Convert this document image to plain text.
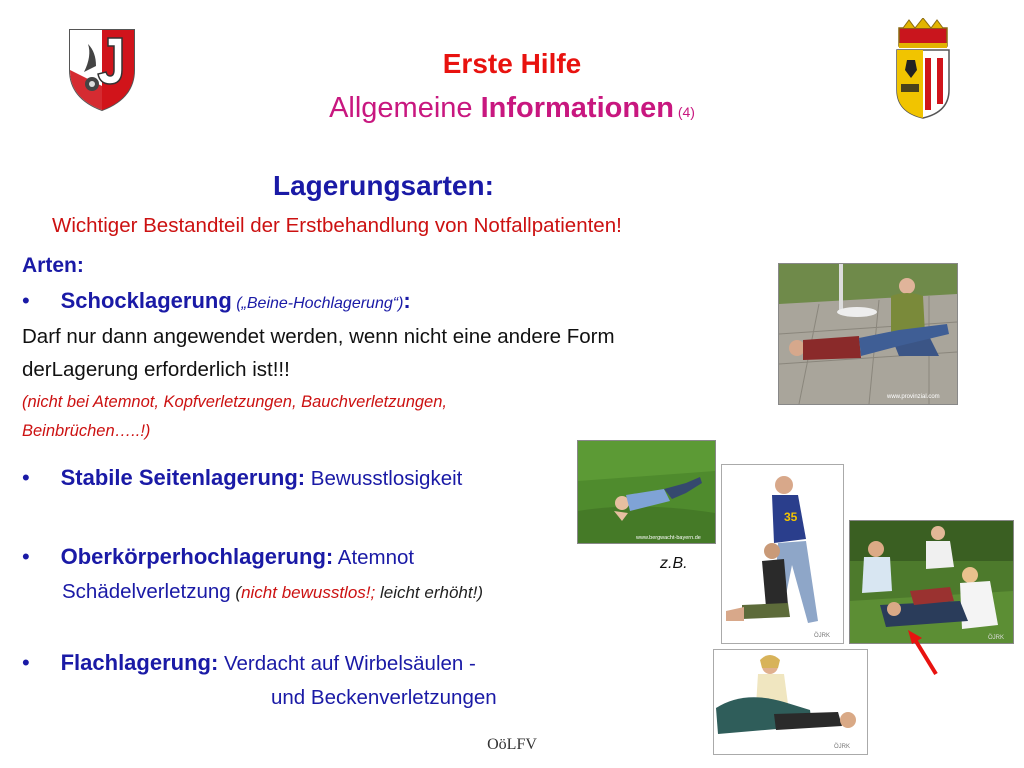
Erste Hilfe
Allgemeine Informationen (4)
Lagerungsarten:
Wichtiger Bestandteil der Erstbehandlung von Notfallpatienten!
Arten:
• Schocklagerung („Beine-Hochlagerung“):
Darf nur dann angewendet werden, wenn nicht eine andere Form
derLagerung erforderlich ist!!!
(nicht bei Atemnot, Kopfverletzungen, Bauchverletzungen,
Beinbrüchen…..!)
• Stabile Seitenlagerung: Bewusstlosigkeit
• Oberkörperhochlagerung: Atemnot
Schädelverletzung (nicht bewusstlos!; leicht erhöht!)
• Flachlagerung: Verdacht auf Wirbelsäulen -
und Beckenverletzungen
www.provinzial.com
www.bergwacht-bayern.de
35
ÖJRK	ÖJRK
ÖJRK
z.B.
OöLFV
